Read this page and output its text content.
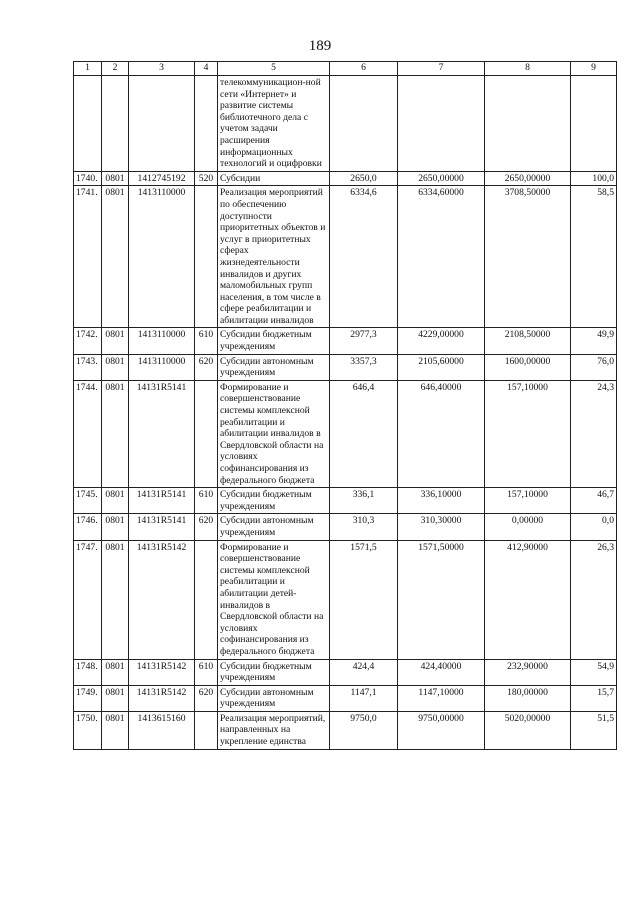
189
1	2	3	4	5	6	7	8	9
				телекоммуникацион-ной сети «Интернет» и развитие системы библиотечного дела с учетом задачи расширения информационных технологий и оцифровки				
1740.	0801	1412745192	520	Субсидии	2650,0	2650,00000	2650,00000	100,0
1741.	0801	1413110000		Реализация мероприятий по обеспечению доступности приоритетных объектов и услуг в приоритетных сферах жизнедеятельности инвалидов и других маломобильных групп населения, в том числе в сфере реабилитации и абилитации инвалидов	6334,6	6334,60000	3708,50000	58,5
1742.	0801	1413110000	610	Субсидии бюджетным учреждениям	2977,3	4229,00000	2108,50000	49,9
1743.	0801	1413110000	620	Субсидии автономным учреждениям	3357,3	2105,60000	1600,00000	76,0
1744.	0801	14131R5141		Формирование и совершенствование системы комплексной реабилитации и абилитации инвалидов в Свердловской области на условиях софинансирования из федерального бюджета	646,4	646,40000	157,10000	24,3
1745.	0801	14131R5141	610	Субсидии бюджетным учреждениям	336,1	336,10000	157,10000	46,7
1746.	0801	14131R5141	620	Субсидии автономным учреждениям	310,3	310,30000	0,00000	0,0
1747.	0801	14131R5142		Формирование и совершенствование системы комплексной реабилитации и абилитации детей-инвалидов в Свердловской области на условиях софинансирования из федерального бюджета	1571,5	1571,50000	412,90000	26,3
1748.	0801	14131R5142	610	Субсидии бюджетным учреждениям	424,4	424,40000	232,90000	54,9
1749.	0801	14131R5142	620	Субсидии автономным учреждениям	1147,1	1147,10000	180,00000	15,7
1750.	0801	1413615160		Реализация мероприятий, направленных на укрепление единства	9750,0	9750,00000	5020,00000	51,5
